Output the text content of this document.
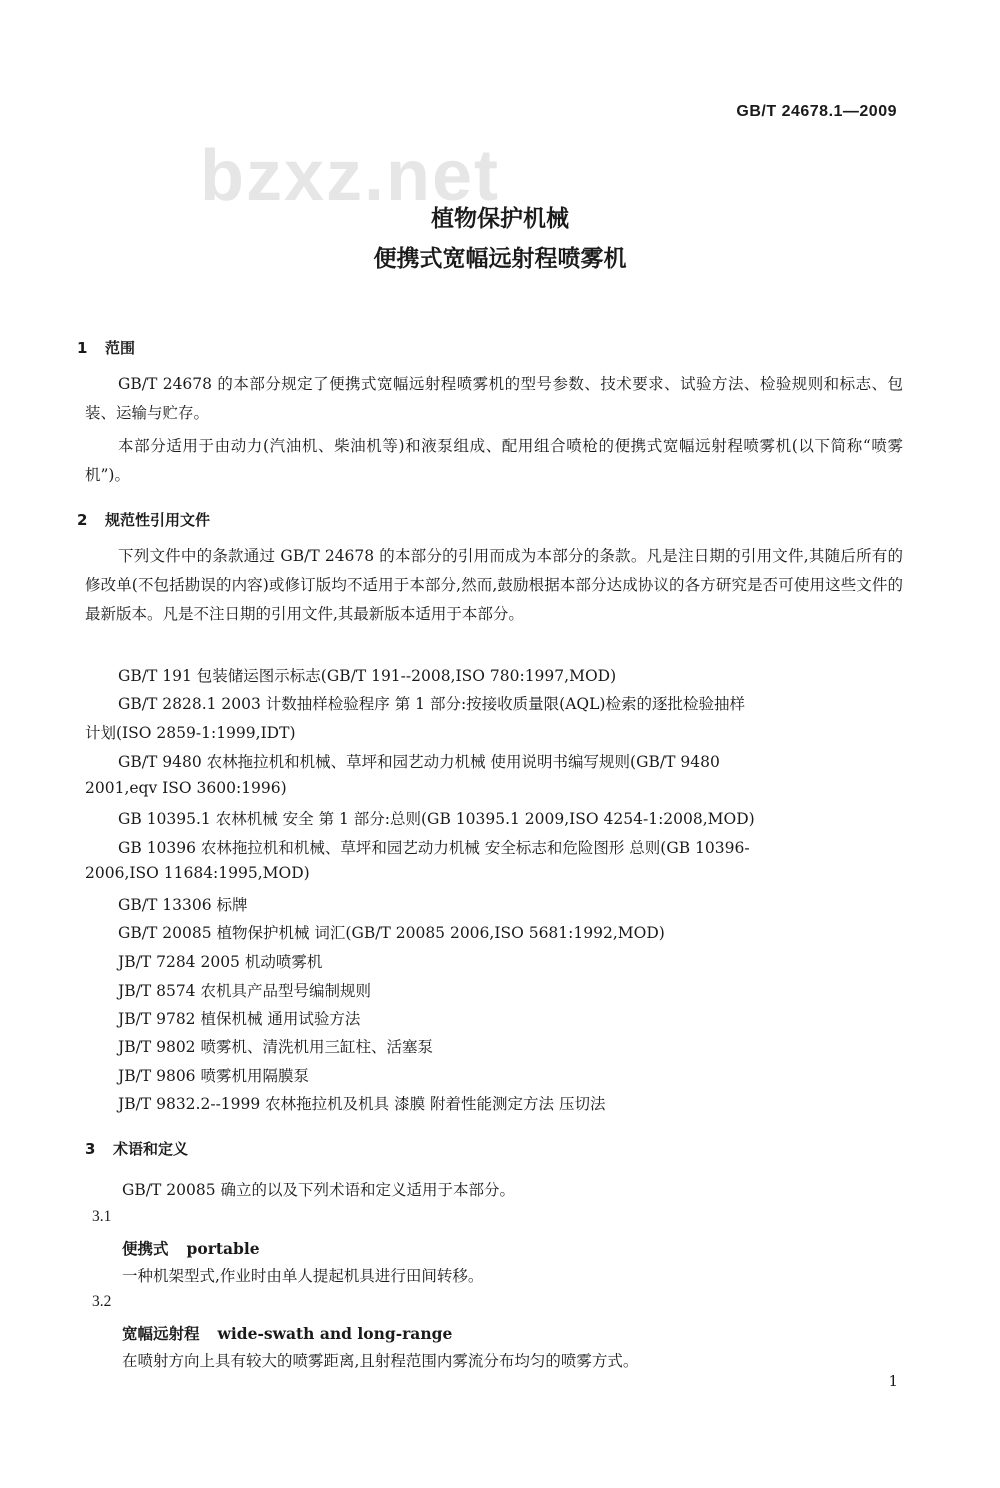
GB/T 24678.1—2009
bzxz.net
植物保护机械
便携式宽幅远射程喷雾机
1 范围
GB/T 24678 的本部分规定了便携式宽幅远射程喷雾机的型号参数、技术要求、试验方法、检验规则和标志、包装、运输与贮存。
本部分适用于由动力(汽油机、柴油机等)和液泵组成、配用组合喷枪的便携式宽幅远射程喷雾机(以下简称“喷雾机”)。
2 规范性引用文件
下列文件中的条款通过 GB/T 24678 的本部分的引用而成为本部分的条款。凡是注日期的引用文件,其随后所有的修改单(不包括勘误的内容)或修订版均不适用于本部分,然而,鼓励根据本部分达成协议的各方研究是否可使用这些文件的最新版本。凡是不注日期的引用文件,其最新版本适用于本部分。
GB/T 191 包装储运图示标志(GB/T 191--2008,ISO 780:1997,MOD)
GB/T 2828.1 2003 计数抽样检验程序 第 1 部分:按接收质量限(AQL)检索的逐批检验抽样
计划(ISO 2859-1:1999,IDT)
GB/T 9480 农林拖拉机和机械、草坪和园艺动力机械 使用说明书编写规则(GB/T 9480
2001,eqv ISO 3600:1996)
GB 10395.1 农林机械 安全 第 1 部分:总则(GB 10395.1 2009,ISO 4254-1:2008,MOD)
GB 10396 农林拖拉机和机械、草坪和园艺动力机械 安全标志和危险图形 总则(GB 10396-
2006,ISO 11684:1995,MOD)
GB/T 13306 标牌
GB/T 20085 植物保护机械 词汇(GB/T 20085 2006,ISO 5681:1992,MOD)
JB/T 7284 2005 机动喷雾机
JB/T 8574 农机具产品型号编制规则
JB/T 9782 植保机械 通用试验方法
JB/T 9802 喷雾机、清洗机用三缸柱、活塞泵
JB/T 9806 喷雾机用隔膜泵
JB/T 9832.2--1999 农林拖拉机及机具 漆膜 附着性能测定方法 压切法
3 术语和定义
GB/T 20085 确立的以及下列术语和定义适用于本部分。
3.1
便携式 portable
一种机架型式,作业时由单人提起机具进行田间转移。
3.2
宽幅远射程 wide-swath and long-range
在喷射方向上具有较大的喷雾距离,且射程范围内雾流分布均匀的喷雾方式。
1
